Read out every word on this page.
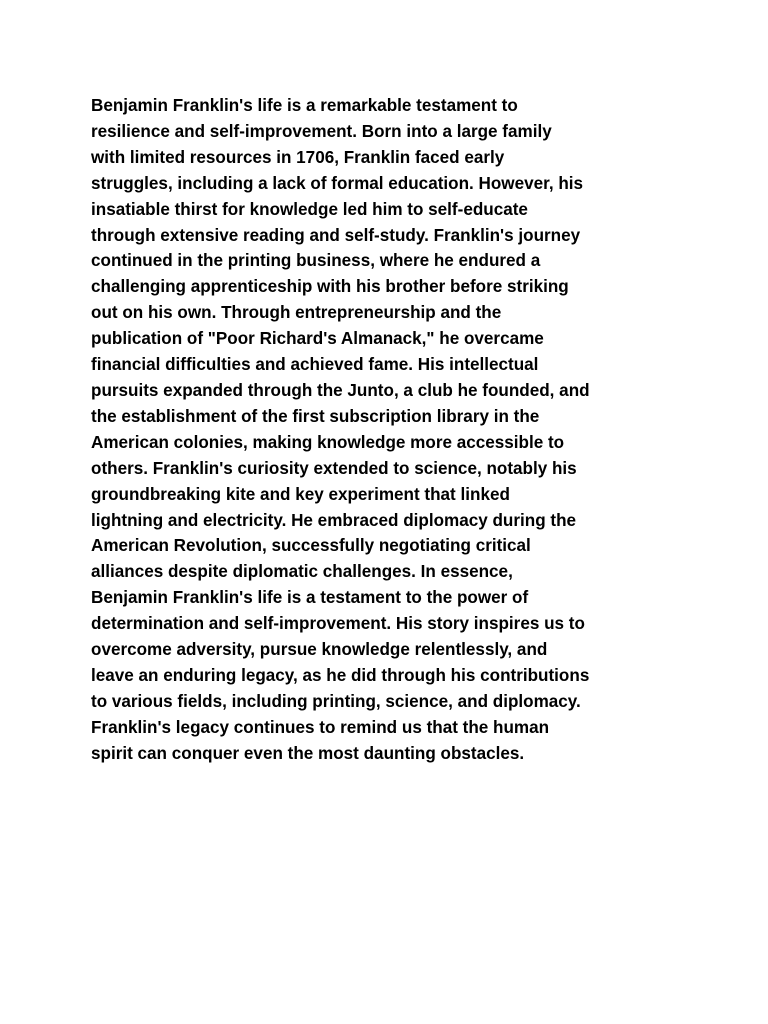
Benjamin Franklin's life is a remarkable testament to
resilience and self-improvement. Born into a large family
with limited resources in 1706, Franklin faced early
struggles, including a lack of formal education. However, his
insatiable thirst for knowledge led him to self-educate
through extensive reading and self-study. Franklin's journey
continued in the printing business, where he endured a
challenging apprenticeship with his brother before striking
out on his own. Through entrepreneurship and the
publication of "Poor Richard's Almanack," he overcame
financial difficulties and achieved fame. His intellectual
pursuits expanded through the Junto, a club he founded, and
the establishment of the first subscription library in the
American colonies, making knowledge more accessible to
others. Franklin's curiosity extended to science, notably his
groundbreaking kite and key experiment that linked
lightning and electricity. He embraced diplomacy during the
American Revolution, successfully negotiating critical
alliances despite diplomatic challenges. In essence,
Benjamin Franklin's life is a testament to the power of
determination and self-improvement. His story inspires us to
overcome adversity, pursue knowledge relentlessly, and
leave an enduring legacy, as he did through his contributions
to various fields, including printing, science, and diplomacy.
Franklin's legacy continues to remind us that the human
spirit can conquer even the most daunting obstacles.
